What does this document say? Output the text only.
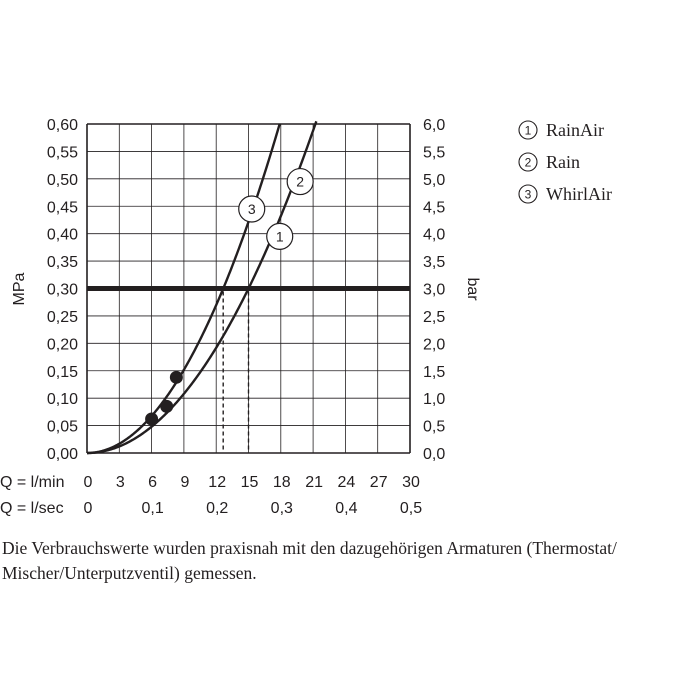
1
2
3
0,00
0,05
0,10
0,15
0,20
0,25
0,30
0,35
0,40
0,45
0,50
0,55
0,60
0,0
0,5
1,0
1,5
2,0
2,5
3,0
3,5
4,0
4,5
5,0
5,5
6,0
0 3 6 9 12 15 18 21 24 27 30
0	0,1	0,2	0,3	0,4	0,5
MPa	bar
Q = l/min
Q = l/sec
1 RainAir
2 Rain
3 WhirlAir

Die Verbrauchswerte wurden praxisnah mit den dazugehörigen Armaturen (Thermostat/ Mischer/Unterputzventil) gemessen.
